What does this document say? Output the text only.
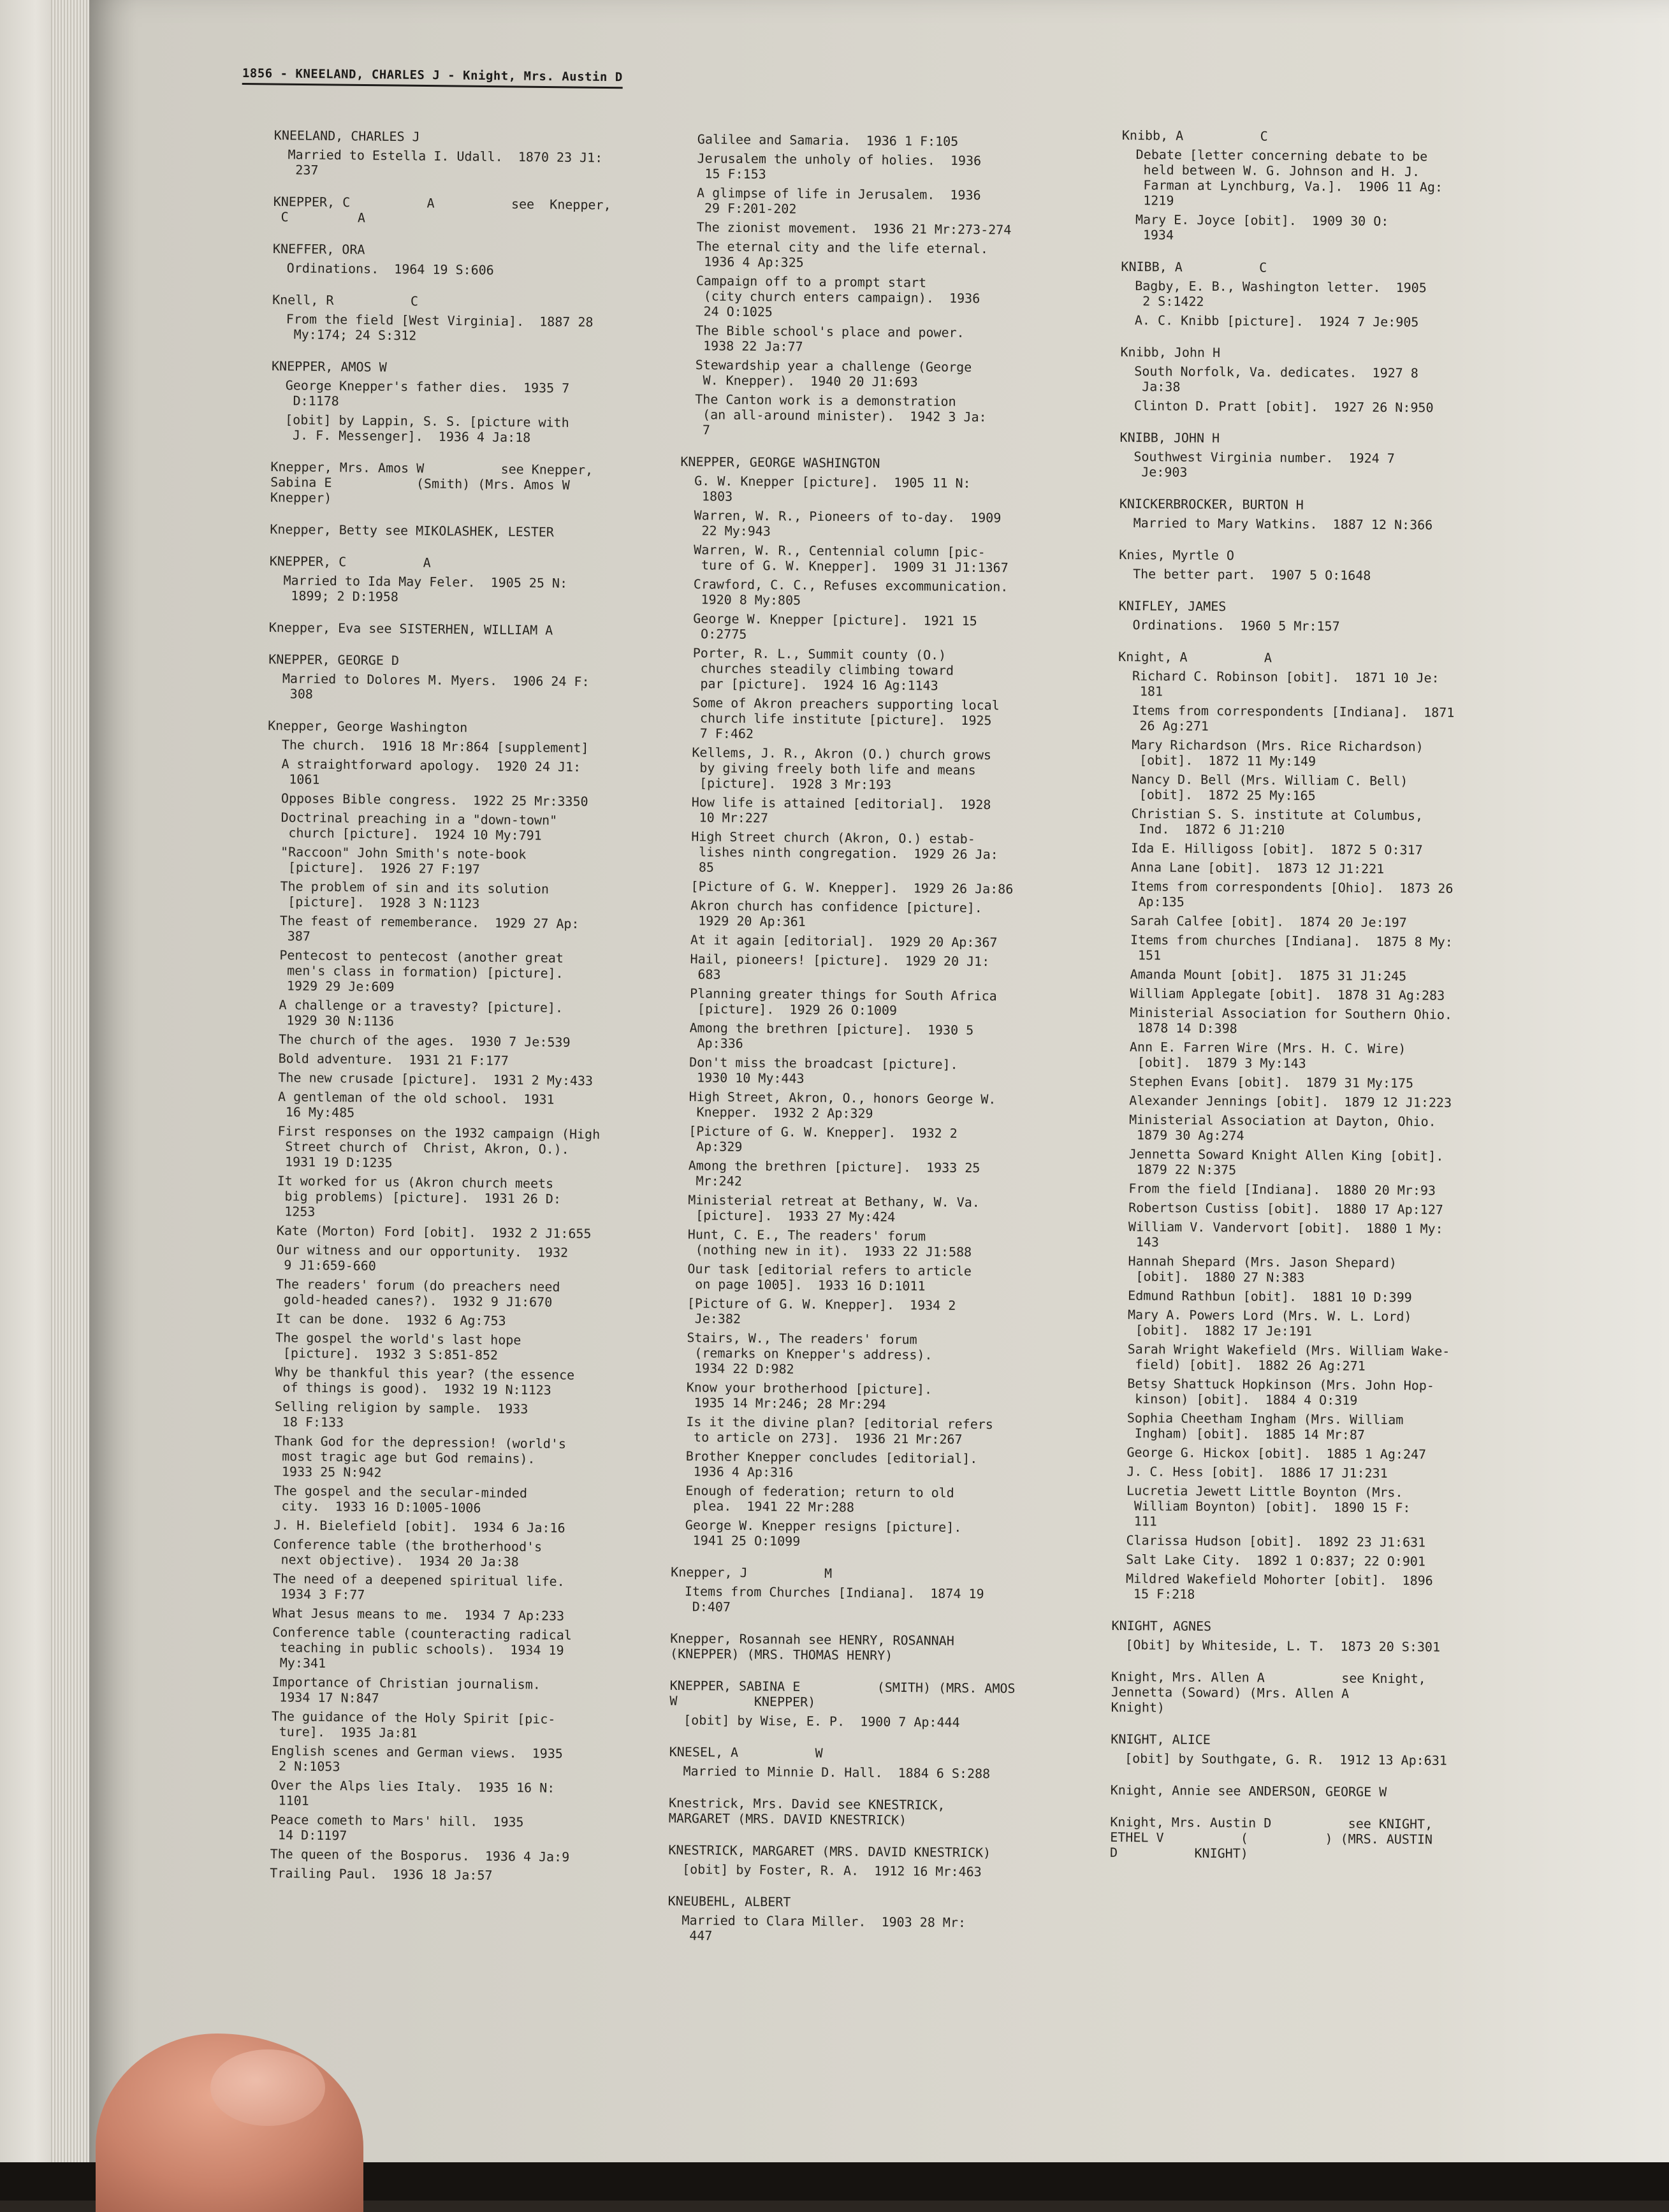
1856 - KNEELAND, CHARLES J - Knight, Mrs. Austin D
KNEELAND, CHARLES J
Married to Estella I. Udall.  1870 23 J1:
237
KNEPPER, C          A          see  Knepper,
C         A
KNEFFER, ORA
Ordinations.  1964 19 S:606
Knell, R          C
From the field [West Virginia].  1887 28
My:174; 24 S:312
KNEPPER, AMOS W
George Knepper's father dies.  1935 7
D:1178
[obit] by Lappin, S. S. [picture with
J. F. Messenger].  1936 4 Ja:18
Knepper, Mrs. Amos W          see Knepper,
Sabina E           (Smith) (Mrs. Amos W
Knepper)
Knepper, Betty see MIKOLASHEK, LESTER
KNEPPER, C          A
Married to Ida May Feler.  1905 25 N:
1899; 2 D:1958
Knepper, Eva see SISTERHEN, WILLIAM A
KNEPPER, GEORGE D
Married to Dolores M. Myers.  1906 24 F:
308
Knepper, George Washington
The church.  1916 18 Mr:864 [supplement]
A straightforward apology.  1920 24 J1:
1061
Opposes Bible congress.  1922 25 Mr:3350
Doctrinal preaching in a "down-town"
church [picture].  1924 10 My:791
"Raccoon" John Smith's note-book
[picture].  1926 27 F:197
The problem of sin and its solution
[picture].  1928 3 N:1123
The feast of rememberance.  1929 27 Ap:
387
Pentecost to pentecost (another great
men's class in formation) [picture].
1929 29 Je:609
A challenge or a travesty? [picture].
1929 30 N:1136
The church of the ages.  1930 7 Je:539
Bold adventure.  1931 21 F:177
The new crusade [picture].  1931 2 My:433
A gentleman of the old school.  1931
16 My:485
First responses on the 1932 campaign (High
Street church of  Christ, Akron, O.).
1931 19 D:1235
It worked for us (Akron church meets
big problems) [picture].  1931 26 D:
1253
Kate (Morton) Ford [obit].  1932 2 J1:655
Our witness and our opportunity.  1932
9 J1:659-660
The readers' forum (do preachers need
gold-headed canes?).  1932 9 J1:670
It can be done.  1932 6 Ag:753
The gospel the world's last hope
[picture].  1932 3 S:851-852
Why be thankful this year? (the essence
of things is good).  1932 19 N:1123
Selling religion by sample.  1933
18 F:133
Thank God for the depression! (world's
most tragic age but God remains).
1933 25 N:942
The gospel and the secular-minded
city.  1933 16 D:1005-1006
J. H. Bielefield [obit].  1934 6 Ja:16
Conference table (the brotherhood's
next objective).  1934 20 Ja:38
The need of a deepened spiritual life.
1934 3 F:77
What Jesus means to me.  1934 7 Ap:233
Conference table (counteracting radical
teaching in public schools).  1934 19
My:341
Importance of Christian journalism.
1934 17 N:847
The guidance of the Holy Spirit [pic-
ture].  1935 Ja:81
English scenes and German views.  1935
2 N:1053
Over the Alps lies Italy.  1935 16 N:
1101
Peace cometh to Mars' hill.  1935
14 D:1197
The queen of the Bosporus.  1936 4 Ja:9
Trailing Paul.  1936 18 Ja:57
Galilee and Samaria.  1936 1 F:105
Jerusalem the unholy of holies.  1936
15 F:153
A glimpse of life in Jerusalem.  1936
29 F:201-202
The zionist movement.  1936 21 Mr:273-274
The eternal city and the life eternal.
1936 4 Ap:325
Campaign off to a prompt start
(city church enters campaign).  1936
24 O:1025
The Bible school's place and power.
1938 22 Ja:77
Stewardship year a challenge (George
W. Knepper).  1940 20 J1:693
The Canton work is a demonstration
(an all-around minister).  1942 3 Ja:
7
KNEPPER, GEORGE WASHINGTON
G. W. Knepper [picture].  1905 11 N:
1803
Warren, W. R., Pioneers of to-day.  1909
22 My:943
Warren, W. R., Centennial column [pic-
ture of G. W. Knepper].  1909 31 J1:1367
Crawford, C. C., Refuses excommunication.
1920 8 My:805
George W. Knepper [picture].  1921 15
O:2775
Porter, R. L., Summit county (O.)
churches steadily climbing toward
par [picture].  1924 16 Ag:1143
Some of Akron preachers supporting local
church life institute [picture].  1925
7 F:462
Kellems, J. R., Akron (O.) church grows
by giving freely both life and means
[picture].  1928 3 Mr:193
How life is attained [editorial].  1928
10 Mr:227
High Street church (Akron, O.) estab-
lishes ninth congregation.  1929 26 Ja:
85
[Picture of G. W. Knepper].  1929 26 Ja:86
Akron church has confidence [picture].
1929 20 Ap:361
At it again [editorial].  1929 20 Ap:367
Hail, pioneers! [picture].  1929 20 J1:
683
Planning greater things for South Africa
[picture].  1929 26 O:1009
Among the brethren [picture].  1930 5
Ap:336
Don't miss the broadcast [picture].
1930 10 My:443
High Street, Akron, O., honors George W.
Knepper.  1932 2 Ap:329
[Picture of G. W. Knepper].  1932 2
Ap:329
Among the brethren [picture].  1933 25
Mr:242
Ministerial retreat at Bethany, W. Va.
[picture].  1933 27 My:424
Hunt, C. E., The readers' forum
(nothing new in it).  1933 22 J1:588
Our task [editorial refers to article
on page 1005].  1933 16 D:1011
[Picture of G. W. Knepper].  1934 2
Je:382
Stairs, W., The readers' forum
(remarks on Knepper's address).
1934 22 D:982
Know your brotherhood [picture].
1935 14 Mr:246; 28 Mr:294
Is it the divine plan? [editorial refers
to article on 273].  1936 21 Mr:267
Brother Knepper concludes [editorial].
1936 4 Ap:316
Enough of federation; return to old
plea.  1941 22 Mr:288
George W. Knepper resigns [picture].
1941 25 O:1099
Knepper, J          M
Items from Churches [Indiana].  1874 19
D:407
Knepper, Rosannah see HENRY, ROSANNAH
(KNEPPER) (MRS. THOMAS HENRY)
KNEPPER, SABINA E          (SMITH) (MRS. AMOS
W          KNEPPER)
[obit] by Wise, E. P.  1900 7 Ap:444
KNESEL, A          W
Married to Minnie D. Hall.  1884 6 S:288
Knestrick, Mrs. David see KNESTRICK,
MARGARET (MRS. DAVID KNESTRICK)
KNESTRICK, MARGARET (MRS. DAVID KNESTRICK)
[obit] by Foster, R. A.  1912 16 Mr:463
KNEUBEHL, ALBERT
Married to Clara Miller.  1903 28 Mr:
447
Knibb, A          C
Debate [letter concerning debate to be
held between W. G. Johnson and H. J.
Farman at Lynchburg, Va.].  1906 11 Ag:
1219
Mary E. Joyce [obit].  1909 30 O:
1934
KNIBB, A          C
Bagby, E. B., Washington letter.  1905
2 S:1422
A. C. Knibb [picture].  1924 7 Je:905
Knibb, John H
South Norfolk, Va. dedicates.  1927 8
Ja:38
Clinton D. Pratt [obit].  1927 26 N:950
KNIBB, JOHN H
Southwest Virginia number.  1924 7
Je:903
KNICKERBROCKER, BURTON H
Married to Mary Watkins.  1887 12 N:366
Knies, Myrtle O
The better part.  1907 5 O:1648
KNIFLEY, JAMES
Ordinations.  1960 5 Mr:157
Knight, A          A
Richard C. Robinson [obit].  1871 10 Je:
181
Items from correspondents [Indiana].  1871
26 Ag:271
Mary Richardson (Mrs. Rice Richardson)
[obit].  1872 11 My:149
Nancy D. Bell (Mrs. William C. Bell)
[obit].  1872 25 My:165
Christian S. S. institute at Columbus,
Ind.  1872 6 J1:210
Ida E. Hilligoss [obit].  1872 5 O:317
Anna Lane [obit].  1873 12 J1:221
Items from correspondents [Ohio].  1873 26
Ap:135
Sarah Calfee [obit].  1874 20 Je:197
Items from churches [Indiana].  1875 8 My:
151
Amanda Mount [obit].  1875 31 J1:245
William Applegate [obit].  1878 31 Ag:283
Ministerial Association for Southern Ohio.
1878 14 D:398
Ann E. Farren Wire (Mrs. H. C. Wire)
[obit].  1879 3 My:143
Stephen Evans [obit].  1879 31 My:175
Alexander Jennings [obit].  1879 12 J1:223
Ministerial Association at Dayton, Ohio.
1879 30 Ag:274
Jennetta Soward Knight Allen King [obit].
1879 22 N:375
From the field [Indiana].  1880 20 Mr:93
Robertson Custiss [obit].  1880 17 Ap:127
William V. Vandervort [obit].  1880 1 My:
143
Hannah Shepard (Mrs. Jason Shepard)
[obit].  1880 27 N:383
Edmund Rathbun [obit].  1881 10 D:399
Mary A. Powers Lord (Mrs. W. L. Lord)
[obit].  1882 17 Je:191
Sarah Wright Wakefield (Mrs. William Wake-
field) [obit].  1882 26 Ag:271
Betsy Shattuck Hopkinson (Mrs. John Hop-
kinson) [obit].  1884 4 O:319
Sophia Cheetham Ingham (Mrs. William
Ingham) [obit].  1885 14 Mr:87
George G. Hickox [obit].  1885 1 Ag:247
J. C. Hess [obit].  1886 17 J1:231
Lucretia Jewett Little Boynton (Mrs.
William Boynton) [obit].  1890 15 F:
111
Clarissa Hudson [obit].  1892 23 J1:631
Salt Lake City.  1892 1 O:837; 22 O:901
Mildred Wakefield Mohorter [obit].  1896
15 F:218
KNIGHT, AGNES
[Obit] by Whiteside, L. T.  1873 20 S:301
Knight, Mrs. Allen A          see Knight,
Jennetta (Soward) (Mrs. Allen A
Knight)
KNIGHT, ALICE
[obit] by Southgate, G. R.  1912 13 Ap:631
Knight, Annie see ANDERSON, GEORGE W
Knight, Mrs. Austin D          see KNIGHT,
ETHEL V          (          ) (MRS. AUSTIN
D          KNIGHT)
